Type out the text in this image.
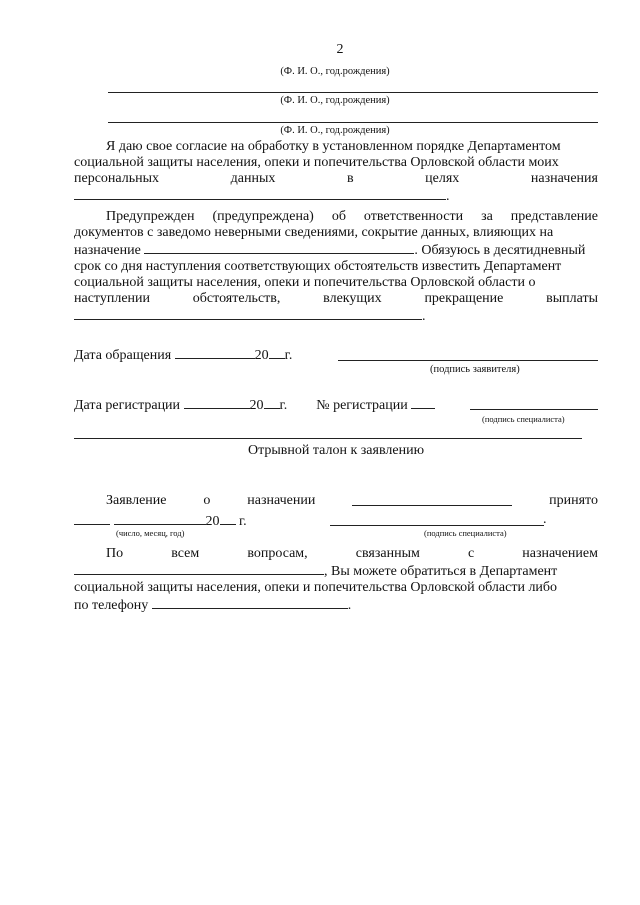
2
(Ф. И. О., год.рождения)
(Ф. И. О., год.рождения)
(Ф. И. О., год.рождения)
Я даю свое согласие на обработку в установленном порядке Департаментом
социальной защиты населения, опеки и попечительства Орловской области моих
персональных	данных	в	целях	назначения
.
Предупрежден (предупреждена) об ответственности за представление
документов с заведомо неверными сведениями, сокрытие данных, влияющих на
назначение	. Обязуюсь в десятидневный
срок со дня наступления соответствующих обстоятельств известить Департамент
социальной защиты населения, опеки и попечительства Орловской области о
наступлении	обстоятельств,	влекущих	прекращение	выплаты
.
Дата обращения	20 г.
(подпись заявителя)
Дата регистрации	20 г. № регистрации
(подпись специалиста)
Отрывной талон к заявлению
Заявление	о	назначении	принято
20 г.	.
(число, месяц, год)	(подпись специалиста)
По	всем	вопросам,	связанным	с	назначением
, Вы можете обратиться в Департамент
социальной защиты населения, опеки и попечительства Орловской области либо
по телефону	.
